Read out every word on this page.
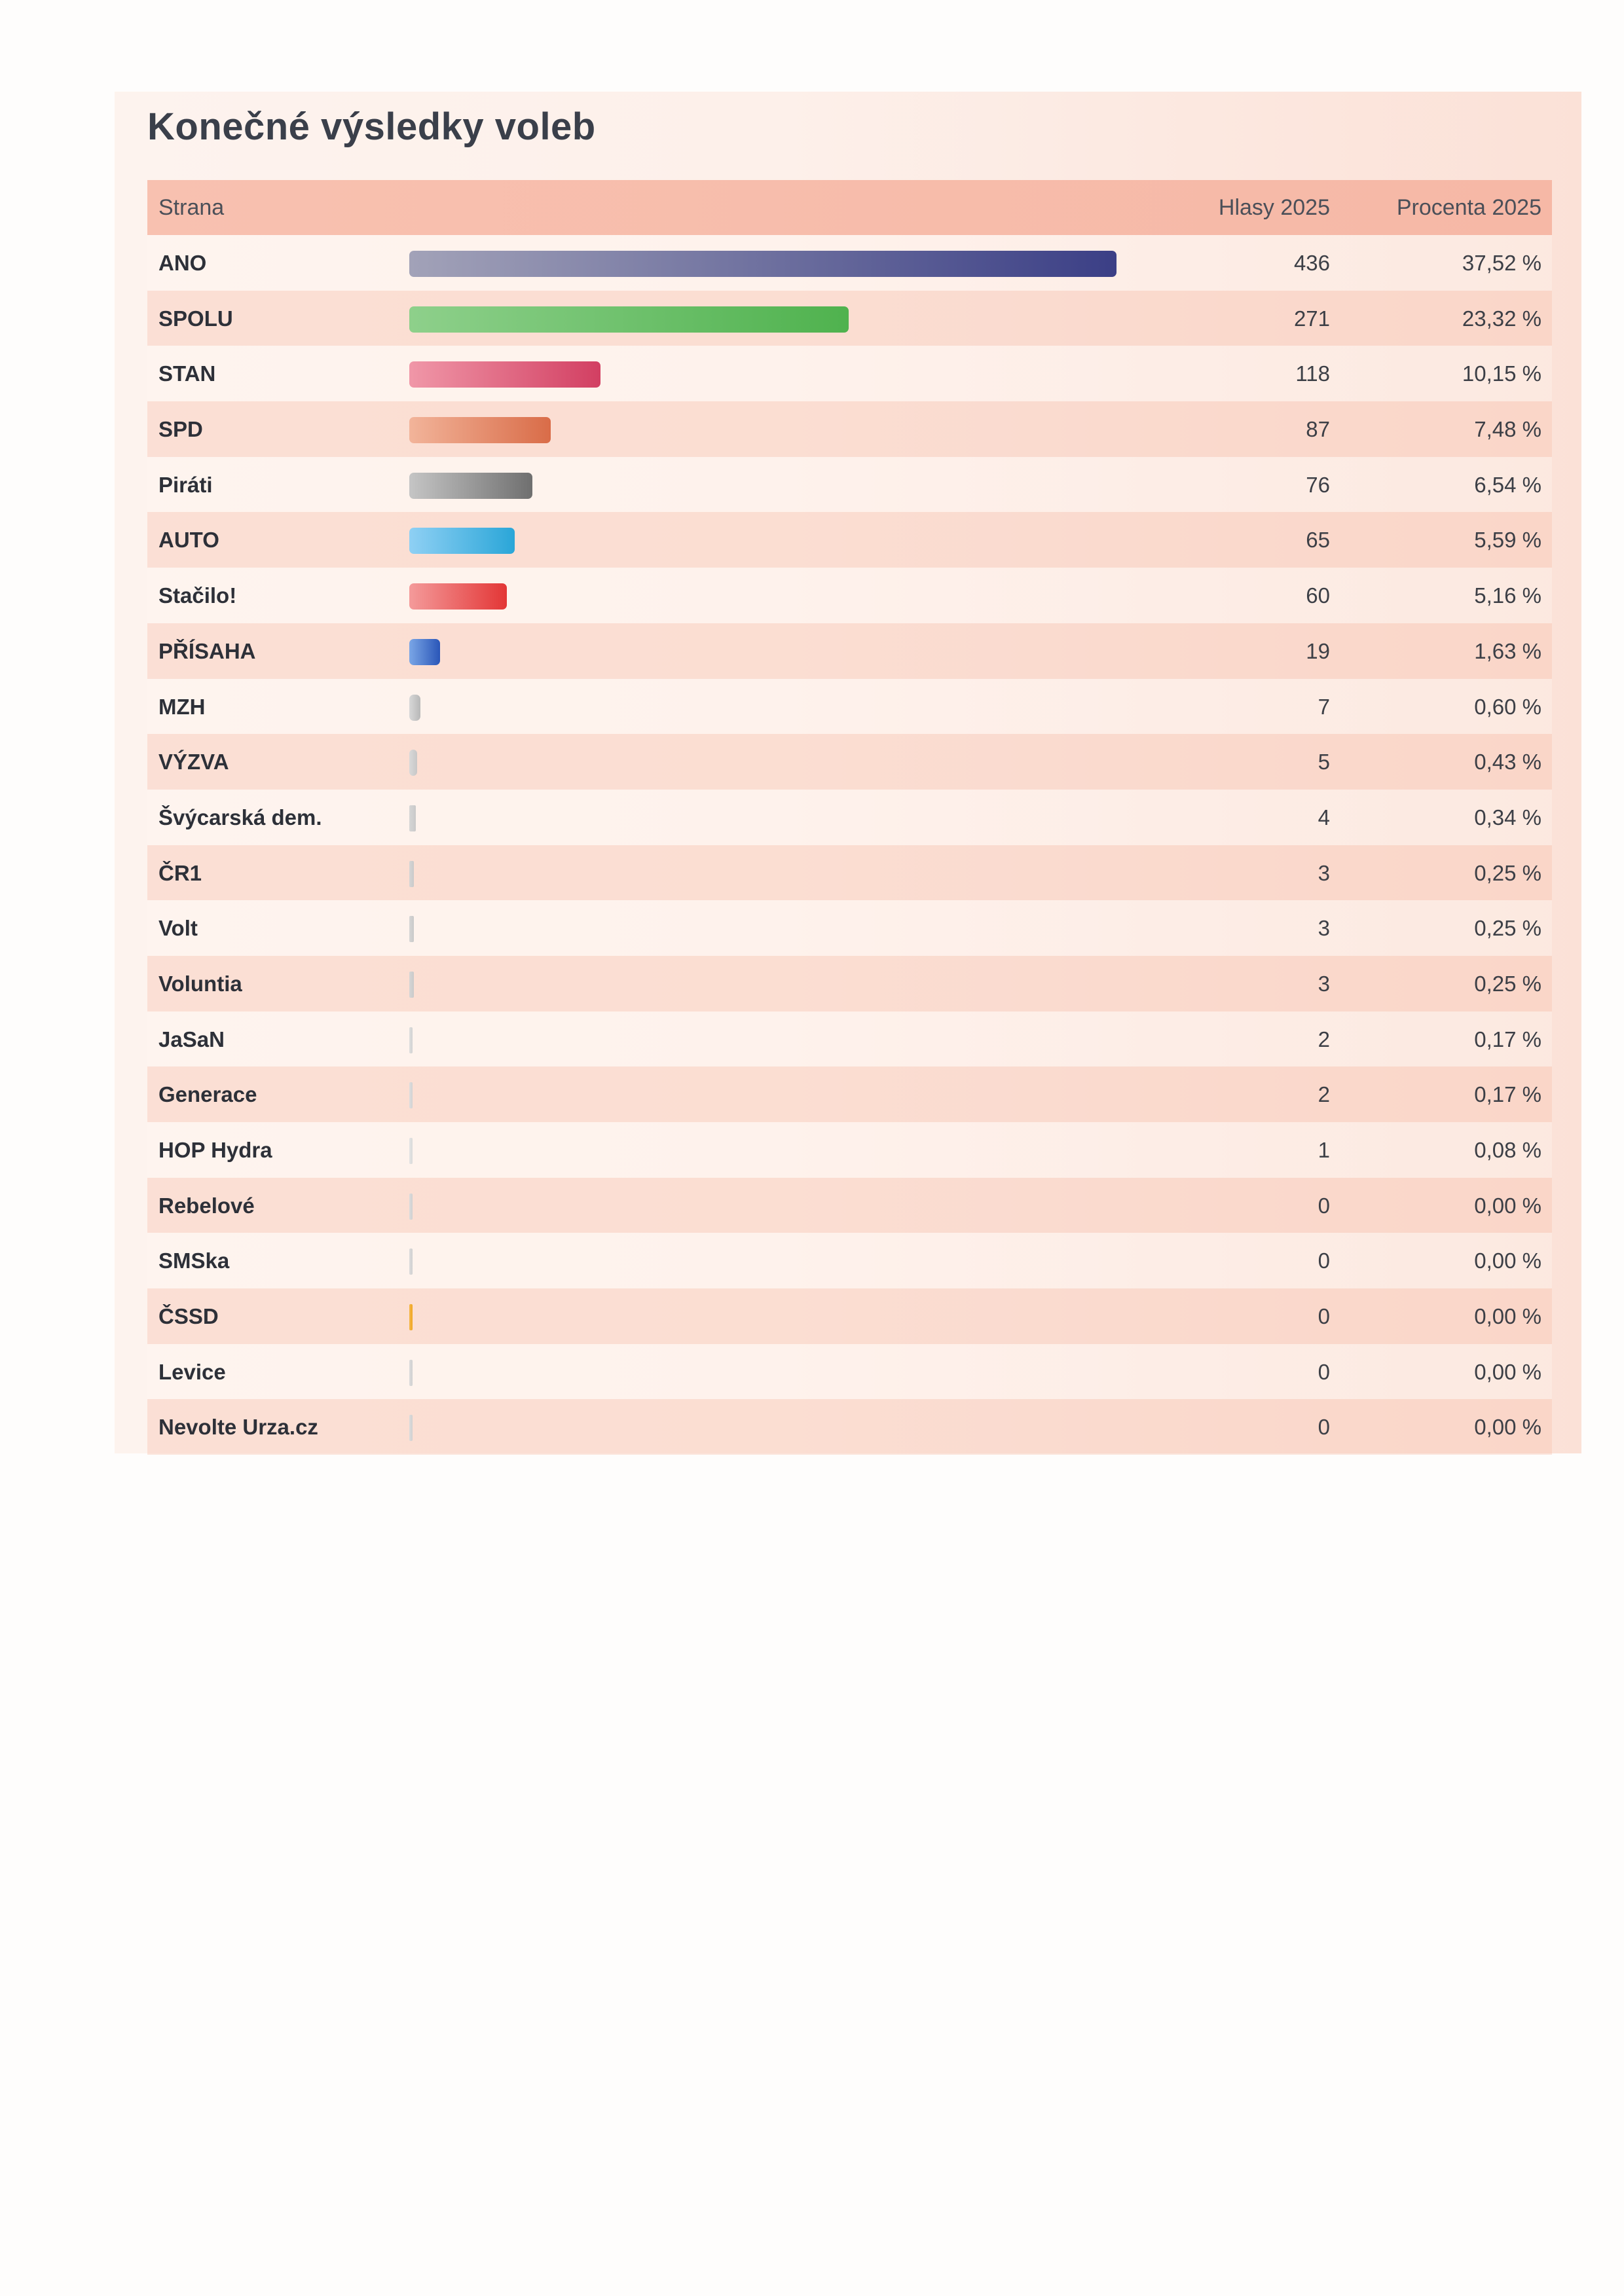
Konečné výsledky voleb
Strana	Hlasy 2025	Procenta 2025
ANO	436	37,52 %
SPOLU	271	23,32 %
STAN	118	10,15 %
SPD	87	7,48 %
Piráti	76	6,54 %
AUTO	65	5,59 %
Stačilo!	60	5,16 %
PŘÍSAHA	19	1,63 %
MZH	7	0,60 %
VÝZVA	5	0,43 %
Švýcarská dem.	4	0,34 %
ČR1	3	0,25 %
Volt	3	0,25 %
Voluntia	3	0,25 %
JaSaN	2	0,17 %
Generace	2	0,17 %
HOP Hydra	1	0,08 %
Rebelové	0	0,00 %
SMSka	0	0,00 %
ČSSD	0	0,00 %
Levice	0	0,00 %
Nevolte Urza.cz	0	0,00 %
